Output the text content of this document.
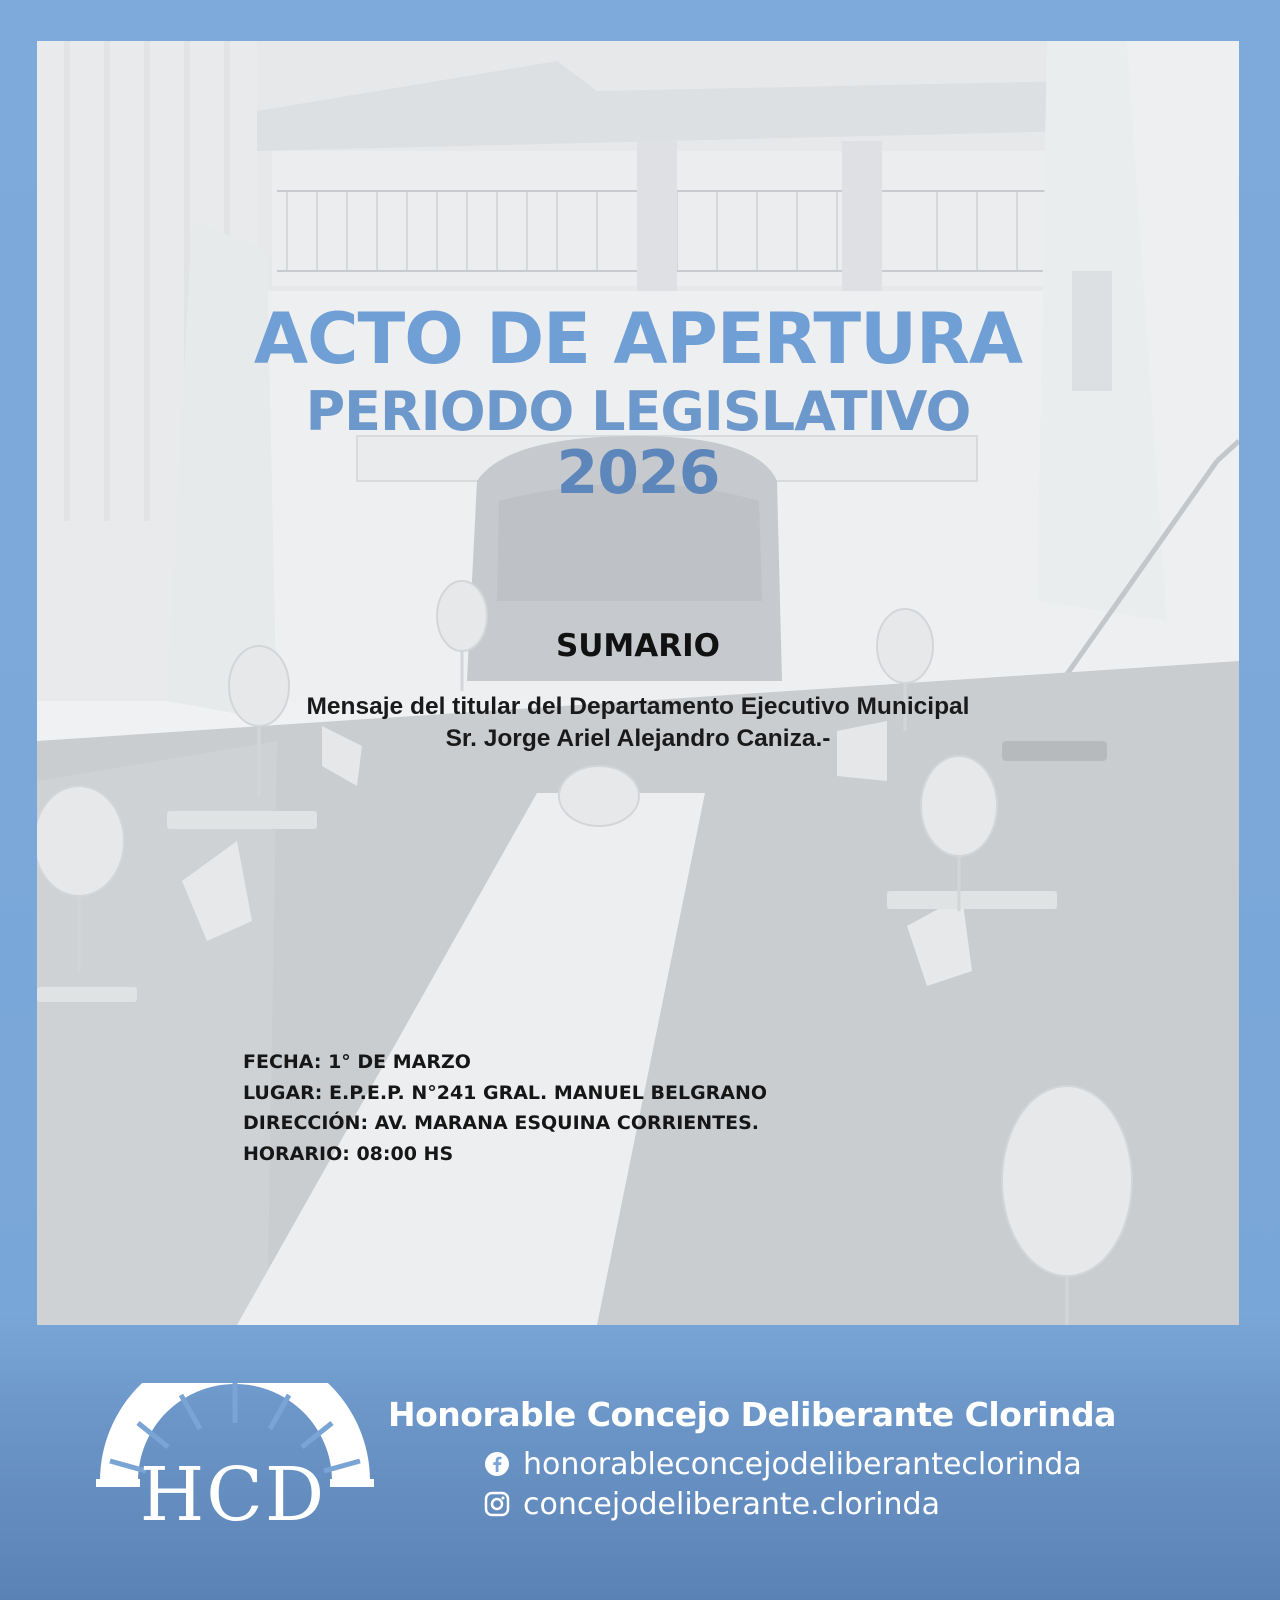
ACTO DE APERTURA
PERIODO LEGISLATIVO
2026
SUMARIO
Mensaje del titular del Departamento Ejecutivo Municipal
Sr. Jorge Ariel Alejandro Caniza.-
FECHA: 1° DE MARZO
LUGAR: E.P.E.P. N°241 GRAL. MANUEL BELGRANO
DIRECCIÓN: AV. MARANA ESQUINA CORRIENTES.
HORARIO: 08:00 HS
HCD
Honorable Concejo Deliberante Clorinda
honorableconcejodeliberanteclorinda
concejodeliberante.clorinda
